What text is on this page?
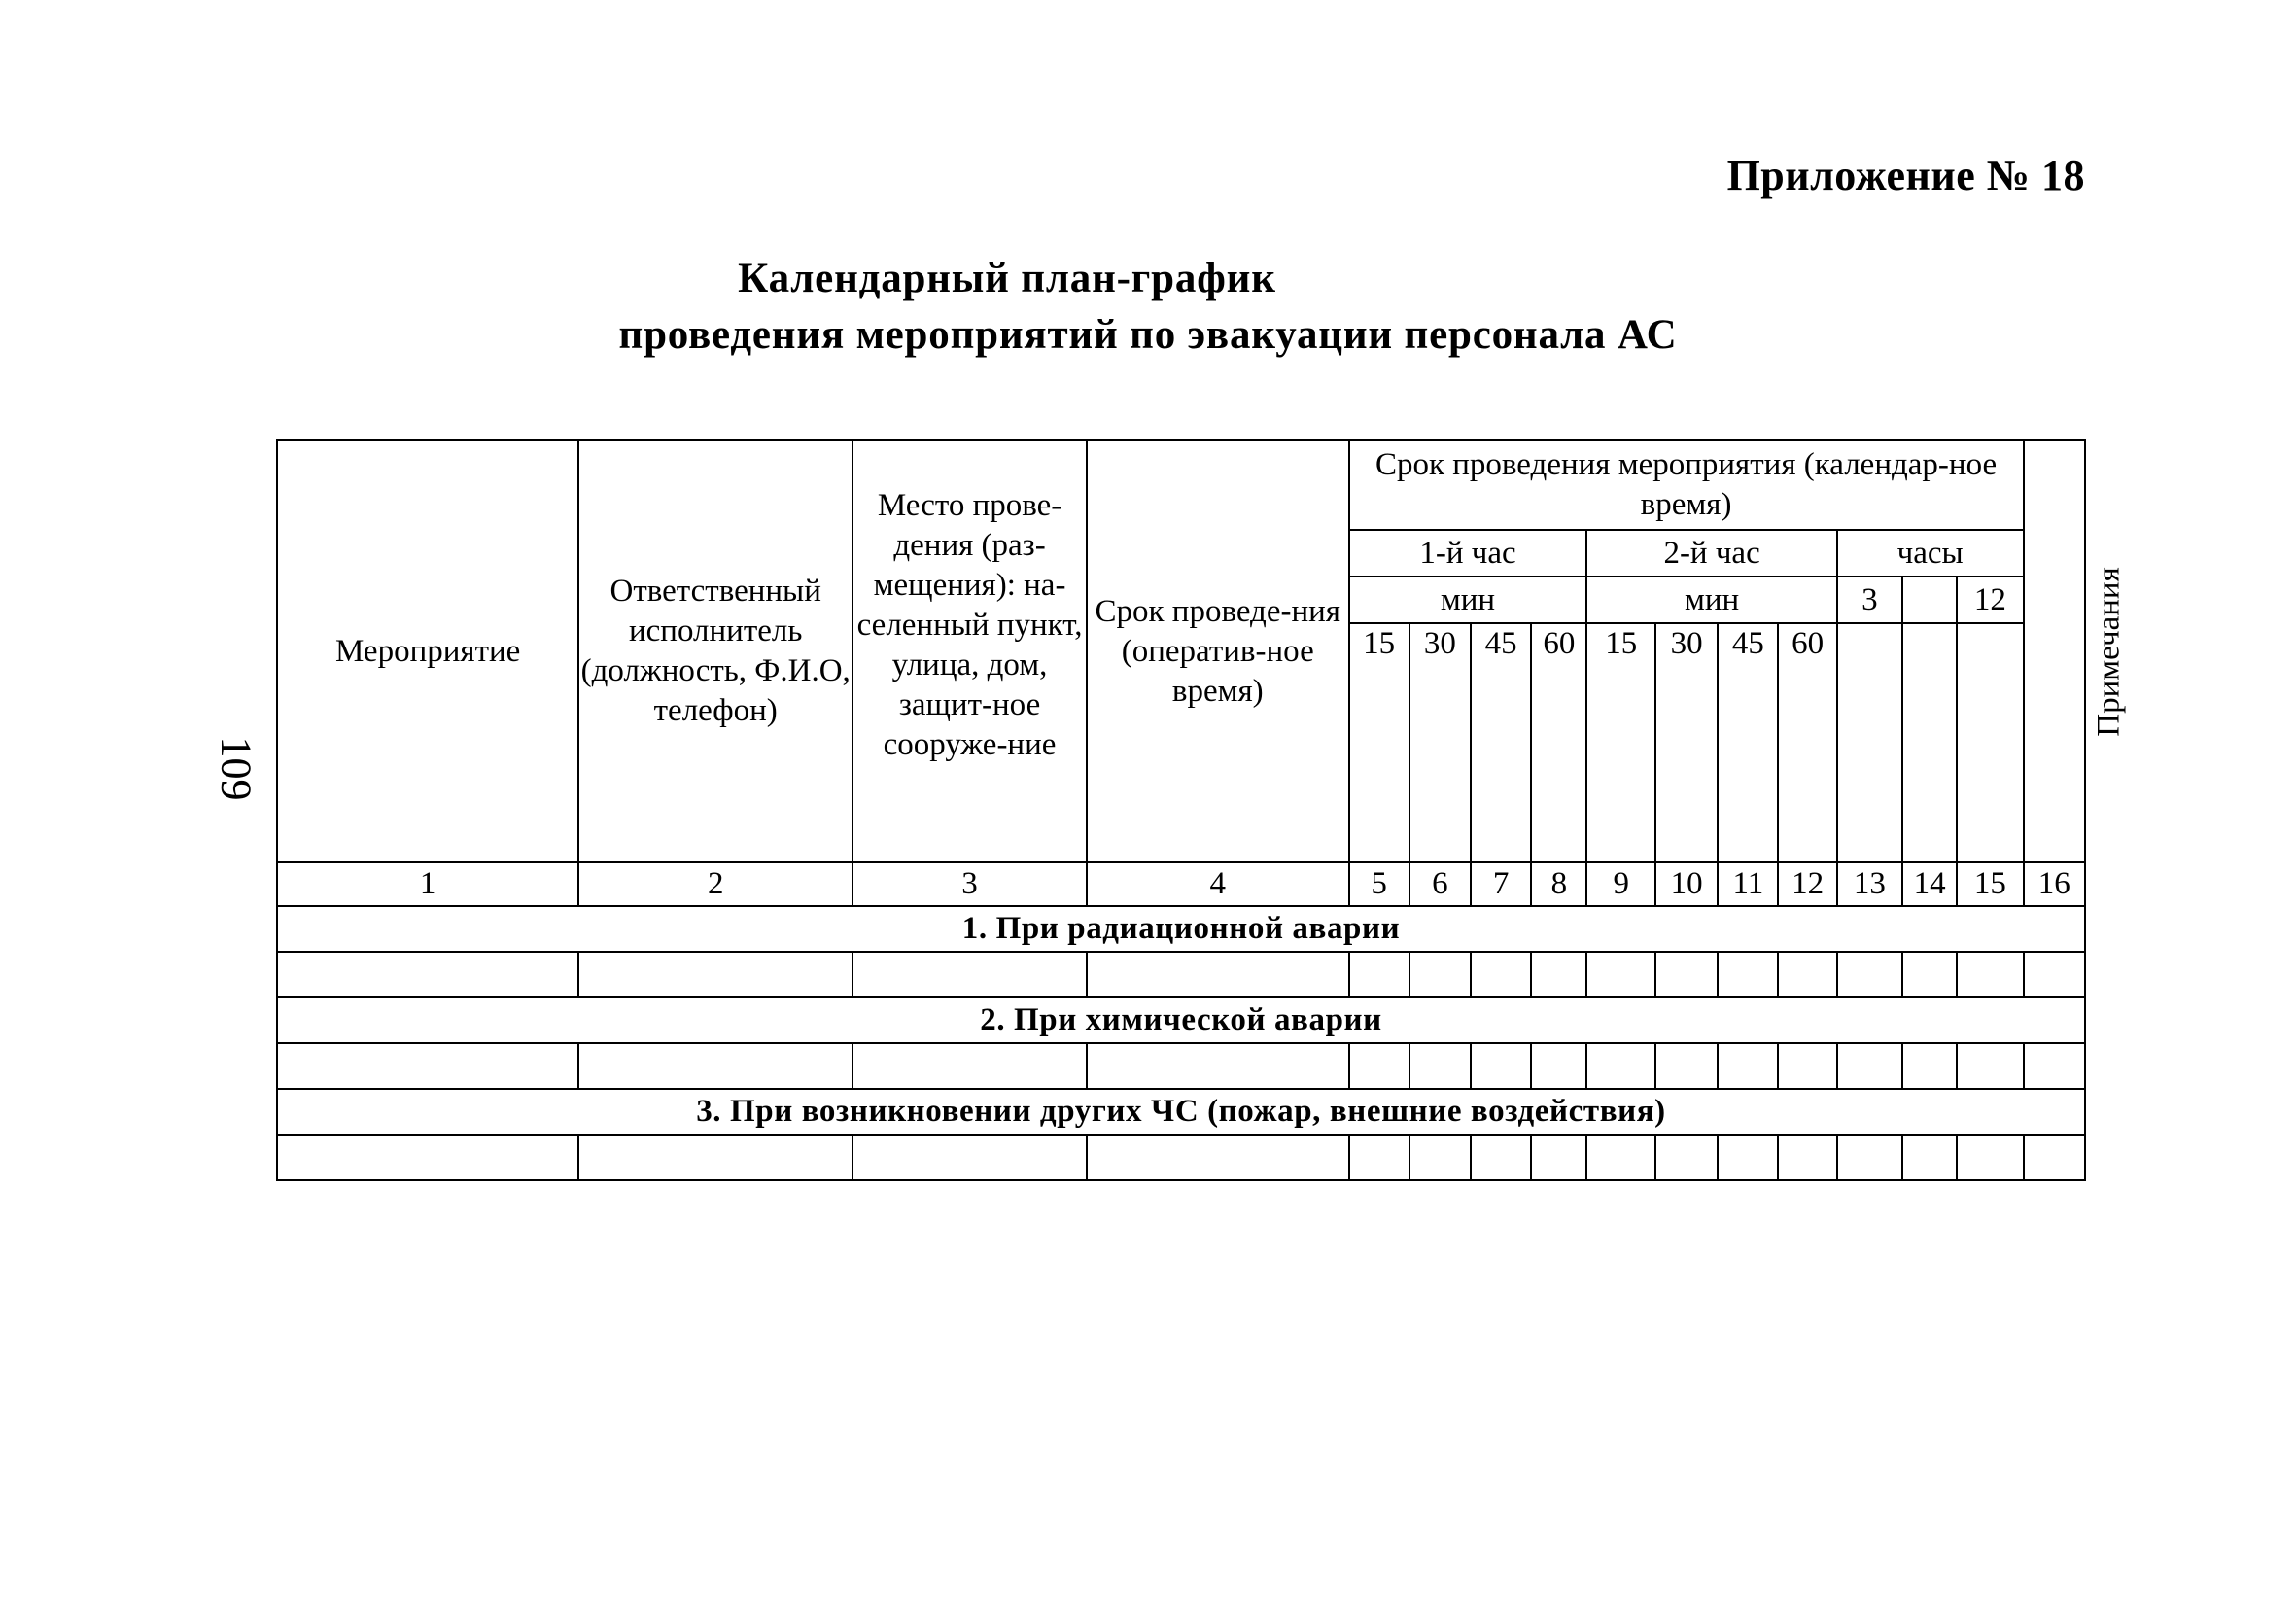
Приложение № 18
Календарный план-график
проведения мероприятий по эвакуации персонала АС
109
Мероприятие	Ответственный исполнитель (должность, Ф.И.О, телефон)	Место прове-дения (раз-мещения): на-селенный пункт, улица, дом, защит-ное сооруже-ние	Срок проведе-ния (оператив-ное время)	Срок проведения мероприятия (календар-ное время)											Примечания
				1-й час				2-й час				часы			
				мин				мин				3		12	
				15	30	45	60	15	30	45	60				

1	2	3	4	5	6	7	8	9	10	11	12	13	14	15	16
1. При радиационной аварии															

2. При химической аварии															

3. При возникновении других ЧС (пожар, внешние воздействия)															
